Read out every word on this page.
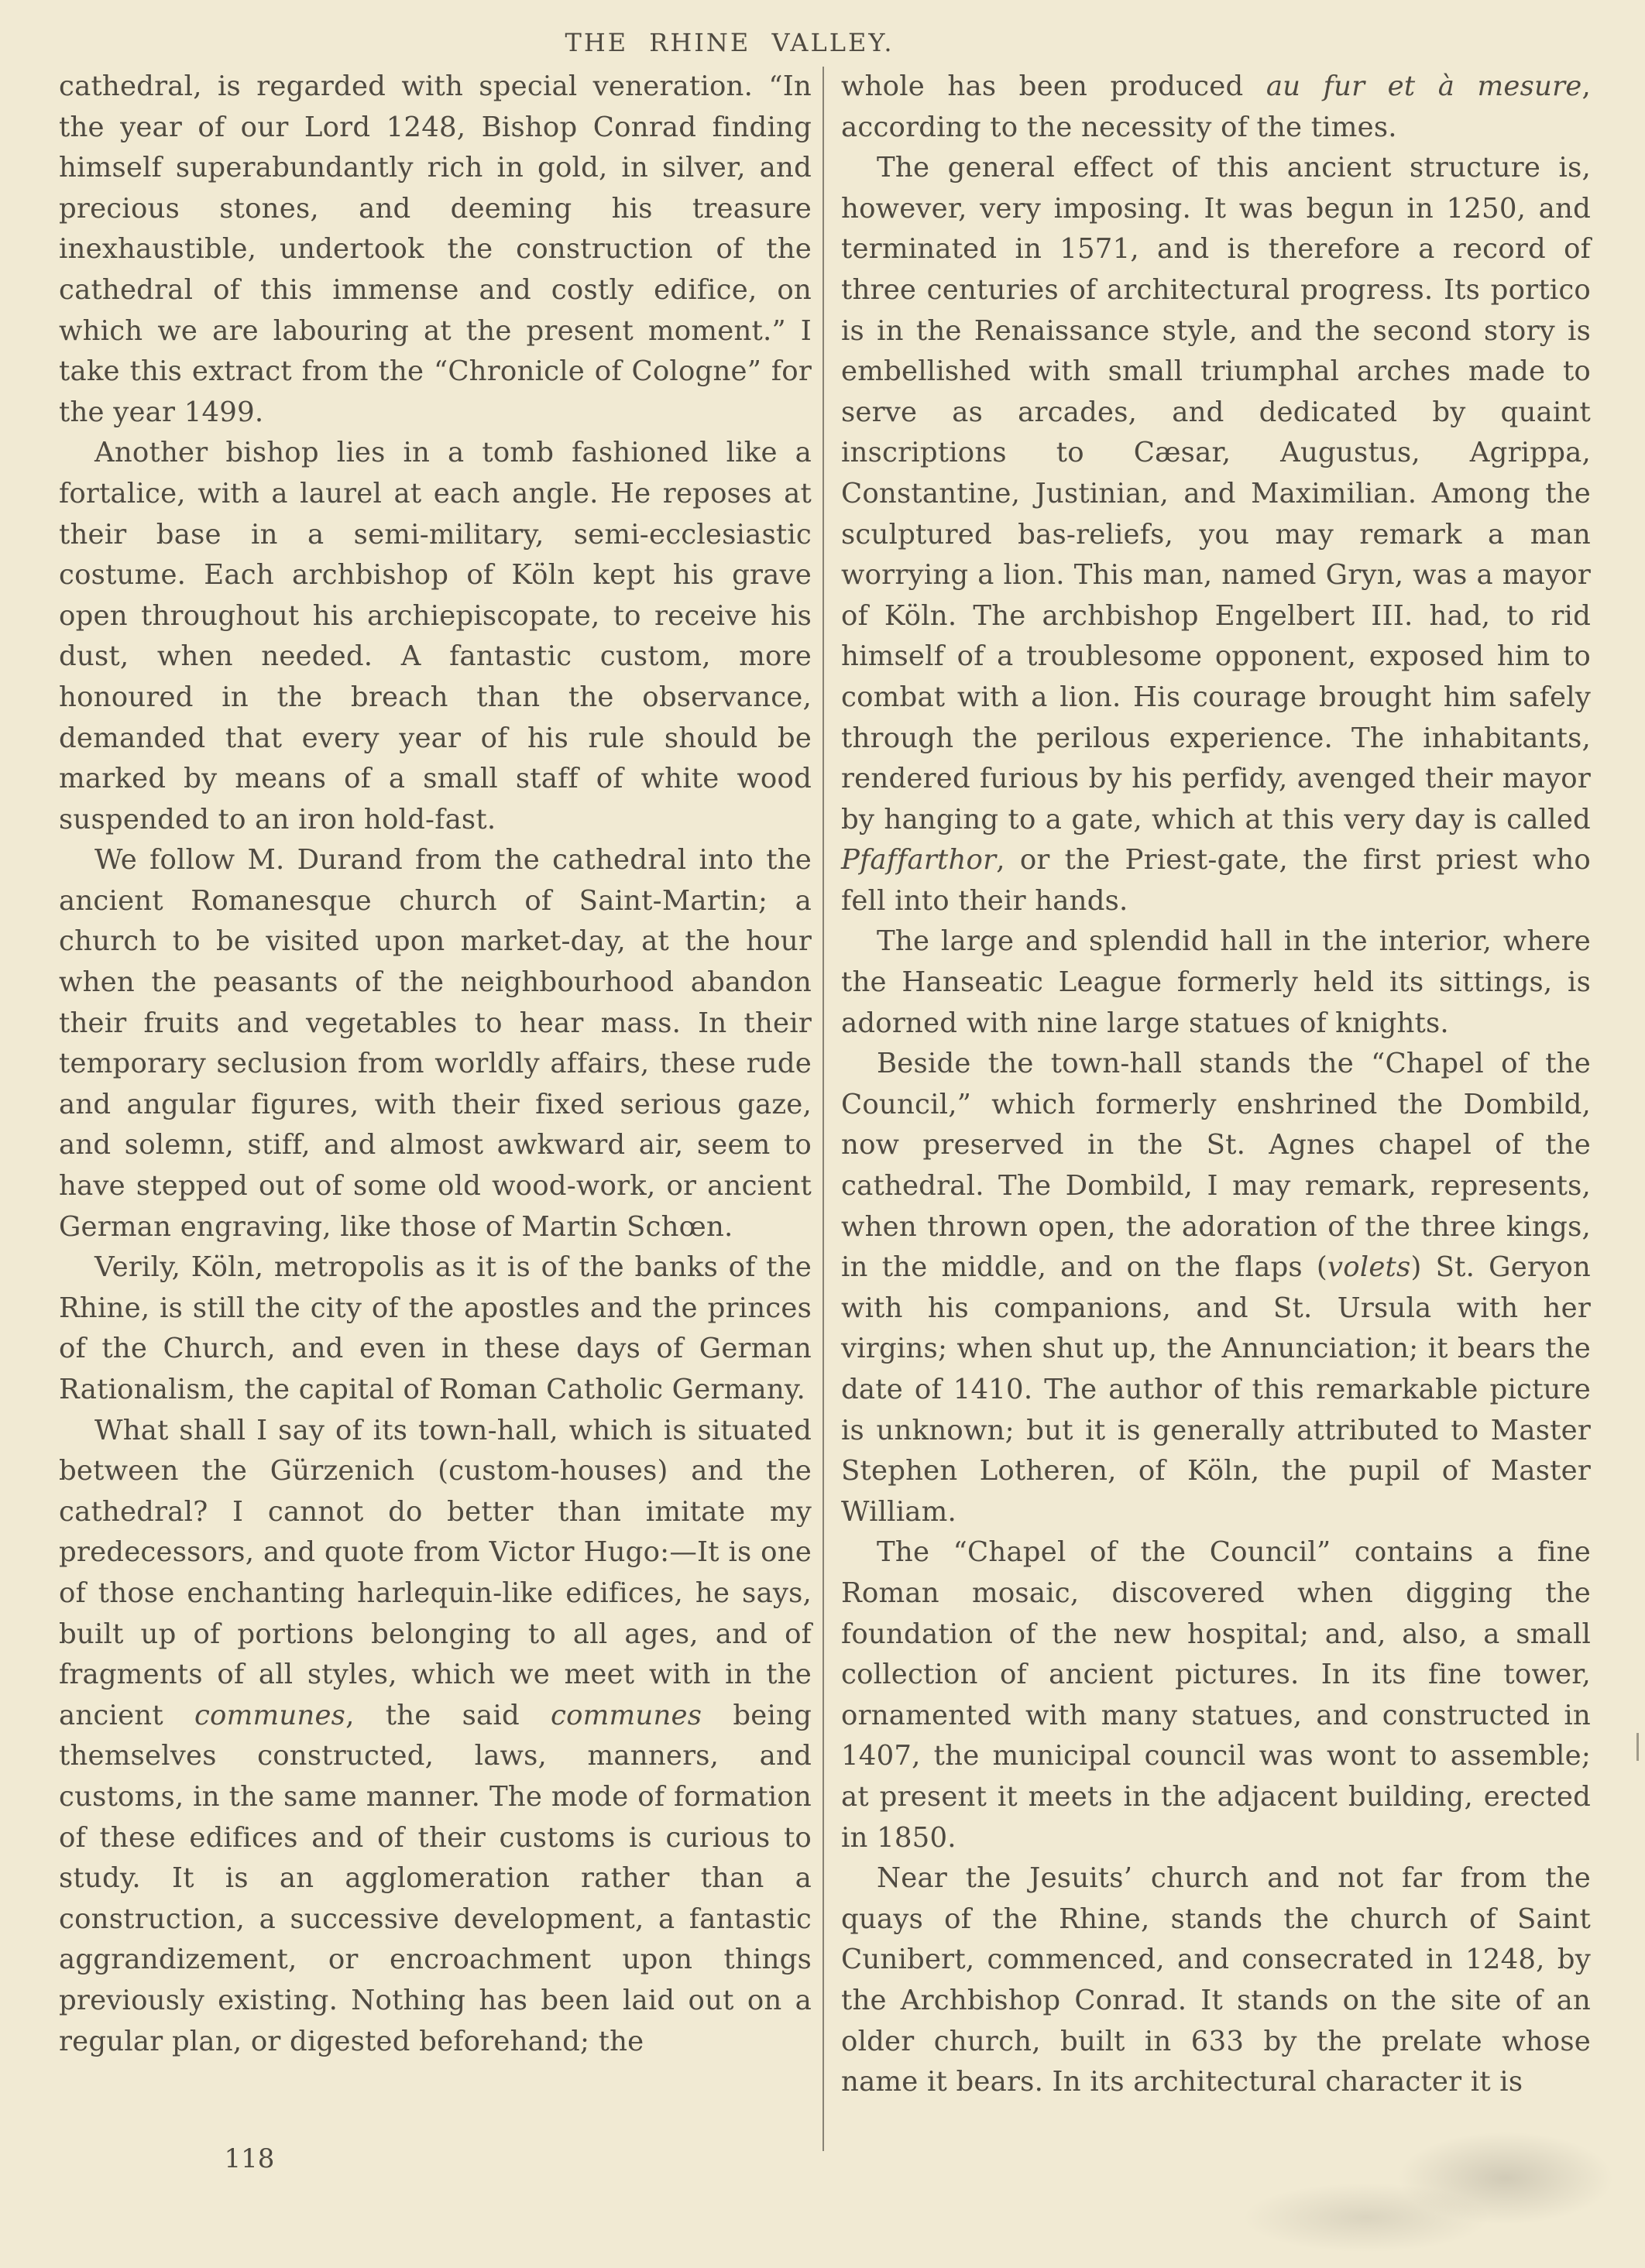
THE RHINE VALLEY.

cathedral, is regarded with special veneration. “In the year of our Lord 1248, Bishop Conrad finding himself superabundantly rich in gold, in silver, and precious stones, and deeming his treasure inexhaustible, undertook the construction of the cathedral of this immense and costly edifice, on which we are labouring at the present moment.” I take this extract from the “Chronicle of Cologne” for the year 1499.

Another bishop lies in a tomb fashioned like a fortalice, with a laurel at each angle. He reposes at their base in a semi-military, semi-ecclesiastic costume. Each archbishop of Köln kept his grave open throughout his archiepiscopate, to receive his dust, when needed. A fantastic custom, more honoured in the breach than the observance, demanded that every year of his rule should be marked by means of a small staff of white wood suspended to an iron hold-fast.

We follow M. Durand from the cathedral into the ancient Romanesque church of Saint-Martin; a church to be visited upon market-day, at the hour when the peasants of the neighbourhood abandon their fruits and vegetables to hear mass. In their temporary seclusion from worldly affairs, these rude and angular figures, with their fixed serious gaze, and solemn, stiff, and almost awkward air, seem to have stepped out of some old wood-work, or ancient German engraving, like those of Martin Schœn.

Verily, Köln, metropolis as it is of the banks of the Rhine, is still the city of the apostles and the princes of the Church, and even in these days of German Rationalism, the capital of Roman Catholic Germany.

What shall I say of its town-hall, which is situated between the Gürzenich (custom-houses) and the cathedral? I cannot do better than imitate my predecessors, and quote from Victor Hugo:—It is one of those enchanting harlequin-like edifices, he says, built up of portions belonging to all ages, and of fragments of all styles, which we meet with in the ancient communes, the said communes being themselves constructed, laws, manners, and customs, in the same manner. The mode of formation of these edifices and of their customs is curious to study. It is an agglomeration rather than a construction, a successive development, a fantastic aggrandizement, or encroachment upon things previously existing. Nothing has been laid out on a regular plan, or digested beforehand; the

whole has been produced au fur et à mesure, according to the necessity of the times.

The general effect of this ancient structure is, however, very imposing. It was begun in 1250, and terminated in 1571, and is therefore a record of three centuries of architectural progress. Its portico is in the Renaissance style, and the second story is embellished with small triumphal arches made to serve as arcades, and dedicated by quaint inscriptions to Cæsar, Augustus, Agrippa, Constantine, Justinian, and Maximilian. Among the sculptured bas-reliefs, you may remark a man worrying a lion. This man, named Gryn, was a mayor of Köln. The archbishop Engelbert III. had, to rid himself of a troublesome opponent, exposed him to combat with a lion. His courage brought him safely through the perilous experience. The inhabitants, rendered furious by his perfidy, avenged their mayor by hanging to a gate, which at this very day is called Pfaffarthor, or the Priest-gate, the first priest who fell into their hands.

The large and splendid hall in the interior, where the Hanseatic League formerly held its sittings, is adorned with nine large statues of knights.

Beside the town-hall stands the “Chapel of the Council,” which formerly enshrined the Dombild, now preserved in the St. Agnes chapel of the cathedral. The Dombild, I may remark, represents, when thrown open, the adoration of the three kings, in the middle, and on the flaps (volets) St. Geryon with his companions, and St. Ursula with her virgins; when shut up, the Annunciation; it bears the date of 1410. The author of this remarkable picture is unknown; but it is generally attributed to Master Stephen Lotheren, of Köln, the pupil of Master William.

The “Chapel of the Council” contains a fine Roman mosaic, discovered when digging the foundation of the new hospital; and, also, a small collection of ancient pictures. In its fine tower, ornamented with many statues, and constructed in 1407, the municipal council was wont to assemble; at present it meets in the adjacent building, erected in 1850.

Near the Jesuits’ church and not far from the quays of the Rhine, stands the church of Saint Cunibert, commenced, and consecrated in 1248, by the Archbishop Conrad. It stands on the site of an older church, built in 633 by the prelate whose name it bears. In its architectural character it is

118
